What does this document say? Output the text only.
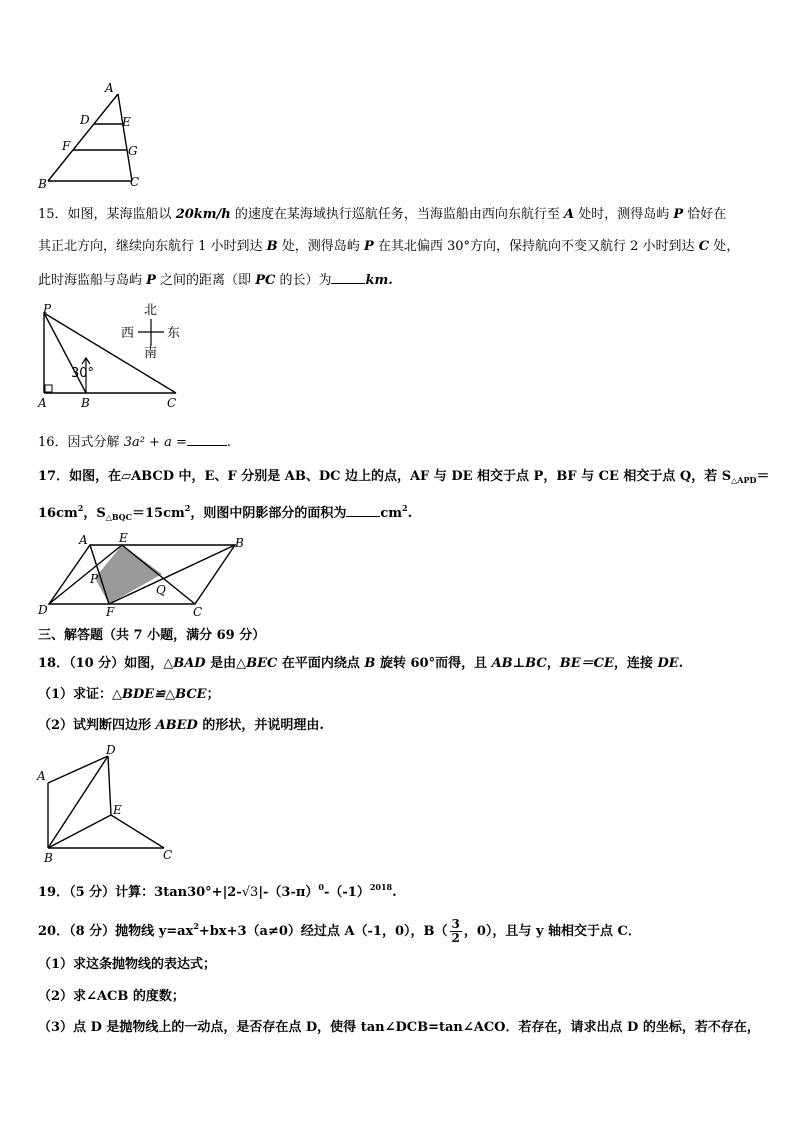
A
D	E
F	G
B	C
15．如图，某海监船以 20km/h 的速度在某海域执行巡航任务，当海监船由西向东航行至 A 处时，测得岛屿 P 恰好在
其正北方向，继续向东航行 1 小时到达 B 处，测得岛屿 P 在其北偏西 30°方向，保持航向不变又航行 2 小时到达 C 处，
此时海监船与岛屿 P 之间的距离（即 PC 的长）为	km.
P
A	B	C
30°
北
西	东
南
16．因式分解 3a² + a =	.
17．如图，在▱ABCD 中，E、F 分别是 AB、DC 边上的点，AF 与 DE 相交于点 P，BF 与 CE 相交于点 Q，若 $S_{\triangle APD}=$
$16cm^2$，$S_{\triangle BQC}=15cm^2$，则图中阴影部分的面积为	$cm^2$.
A	E	B
P
Q
D	F	C
三、解答题（共 7 小题，满分 69 分）
18．（10 分）如图，△BAD 是由△BEC 在平面内绕点 B 旋转 60°而得，且 AB⊥BC，BE＝CE，连接 DE.
（1）求证：△BDE≌△BCE；
（2）试判断四边形 ABED 的形状，并说明理由.
D
A
E
B	C
19．（5 分）计算：$3\tan 30^\circ+|2-√3|-(3-\pi)^0-(-1)^{2018}$.
20．（8 分）抛物线 $y=ax^2+bx+3(a\ne 0)$经过点 A（-1，0），$B( \frac{3}{2}$ ，0），且与 y 轴相交于点 C．
（1）求这条抛物线的表达式；
（2）求∠ACB 的度数；
（3）点 D 是抛物线上的一动点，是否存在点 D，使得 tan∠DCB=tan∠ACO．若存在，请求出点 D 的坐标，若不存在，
